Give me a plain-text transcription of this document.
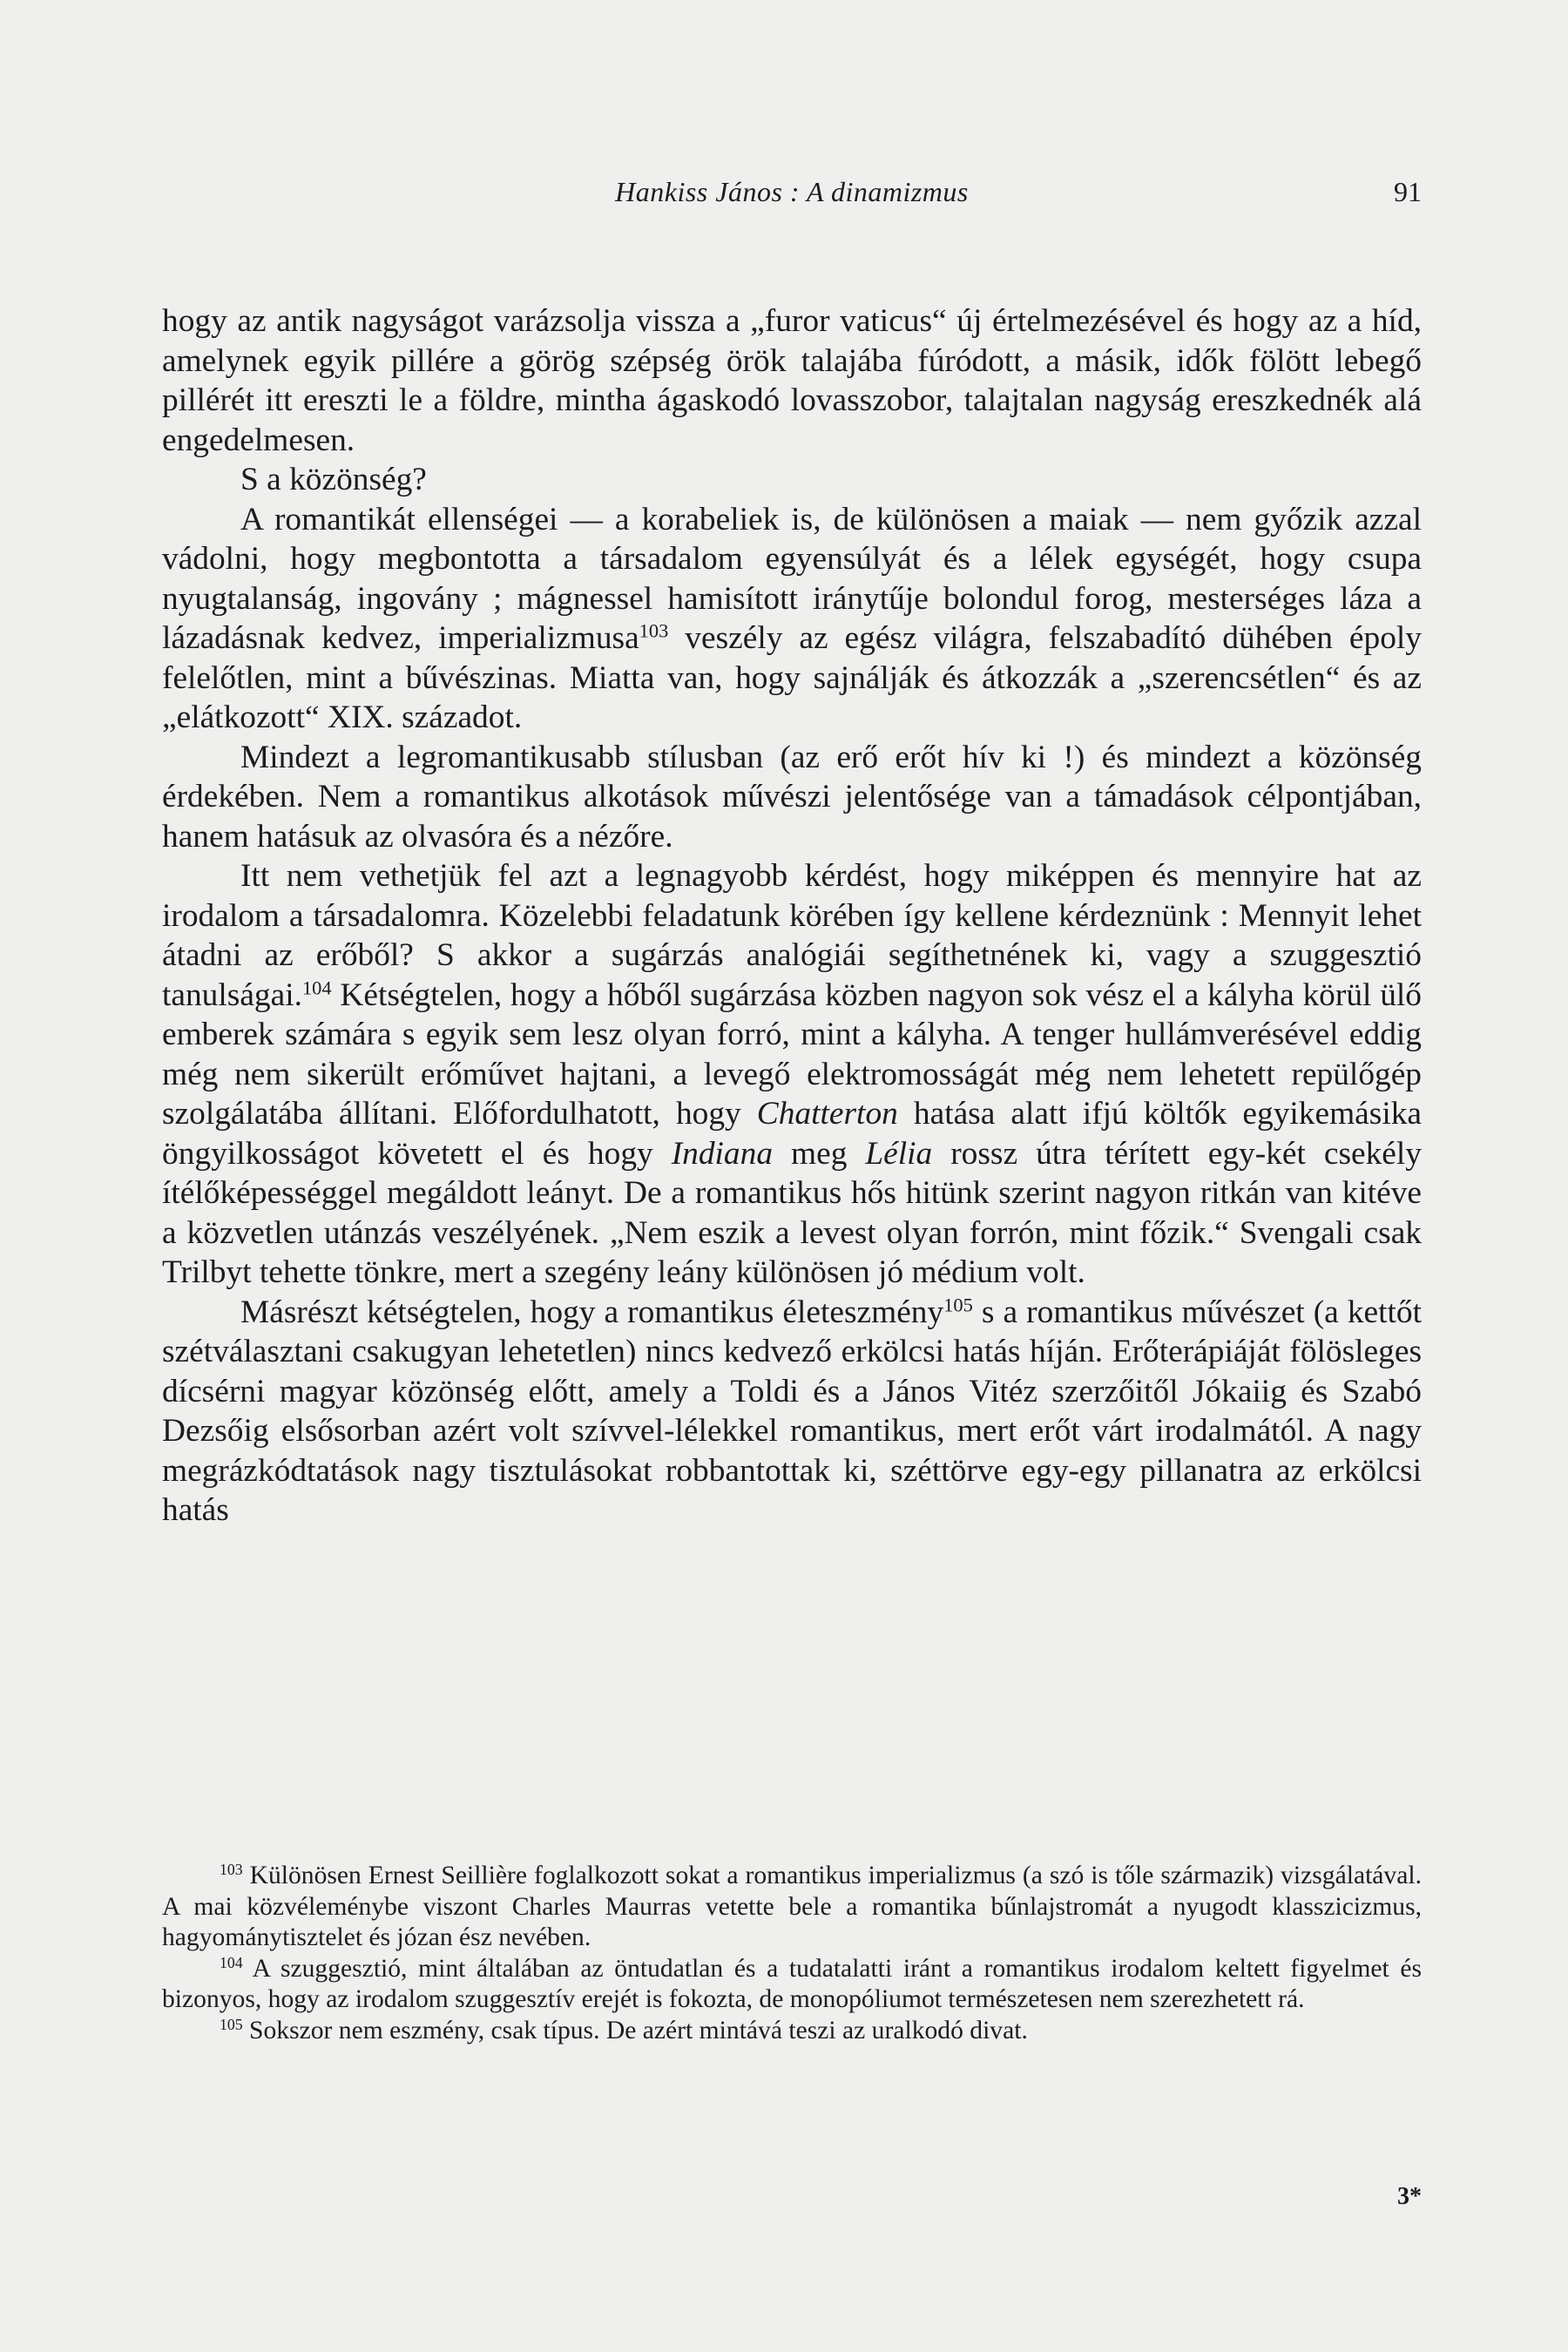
Hankiss János : A dinamizmus	91

hogy az antik nagyságot varázsolja vissza a „furor vaticus“ új értelmezésével és hogy az a híd, amelynek egyik pillére a görög szépség örök talajába fúródott, a másik, idők fölött lebegő pillérét itt ereszti le a földre, mintha ágaskodó lovasszobor, talajtalan nagyság ereszkednék alá engedelmesen.

S a közönség?

A romantikát ellenségei — a korabeliek is, de különösen a maiak — nem győzik azzal vádolni, hogy megbontotta a társadalom egyensúlyát és a lélek egységét, hogy csupa nyugtalanság, ingovány ; mágnessel hamisított iránytűje bolondul forog, mesterséges láza a lázadásnak kedvez, imperializmusa$^{103}$ veszély az egész világra, felszabadító dühében époly felelőtlen, mint a bűvészinas. Miatta van, hogy sajnálják és átkozzák a „szerencsétlen“ és az „elátkozott“ XIX. századot.

Mindezt a legromantikusabb stílusban (az erő erőt hív ki !) és mindezt a közönség érdekében. Nem a romantikus alkotások művészi jelentősége van a támadások célpontjában, hanem hatásuk az olvasóra és a nézőre.

Itt nem vethetjük fel azt a legnagyobb kérdést, hogy miképpen és mennyire hat az irodalom a társadalomra. Közelebbi feladatunk körében így kellene kérdeznünk : Mennyit lehet átadni az erőből? S akkor a sugárzás analógiái segíthetnének ki, vagy a szuggesztió tanulságai.$^{104}$ Kétségtelen, hogy a hőből sugárzása közben nagyon sok vész el a kályha körül ülő emberek számára s egyik sem lesz olyan forró, mint a kályha. A tenger hullámverésével eddig még nem sikerült erőművet hajtani, a levegő elektromosságát még nem lehetett repülőgép szolgálatába állítani. Előfordulhatott, hogy Chatterton hatása alatt ifjú költők egyikemásika öngyilkosságot követett el és hogy Indiana meg Lélia rossz útra térített egy-két csekély ítélőképességgel megáldott leányt. De a romantikus hős hitünk szerint nagyon ritkán van kitéve a közvetlen utánzás veszélyének. „Nem eszik a levest olyan forrón, mint főzik.“ Svengali csak Trilbyt tehette tönkre, mert a szegény leány különösen jó médium volt.

Másrészt kétségtelen, hogy a romantikus életeszmény$^{105}$ s a romantikus művészet (a kettőt szétválasztani csakugyan lehetetlen) nincs kedvező erkölcsi hatás híján. Erőterápiáját fölösleges dícsérni magyar közönség előtt, amely a Toldi és a János Vitéz szerzőitől Jókaiig és Szabó Dezsőig elsősorban azért volt szívvel-lélekkel romantikus, mert erőt várt irodalmától. A nagy megrázkódtatások nagy tisztulásokat robbantottak ki, széttörve egy-egy pillanatra az erkölcsi hatás

$^{103}$ Különösen Ernest Seillière foglalkozott sokat a romantikus imperializmus (a szó is tőle származik) vizsgálatával. A mai közvéleménybe viszont Charles Maurras vetette bele a romantika bűnlajstromát a nyugodt klasszicizmus, hagyománytisztelet és józan ész nevében.

$^{104}$ A szuggesztió, mint általában az öntudatlan és a tudatalatti iránt a romantikus irodalom keltett figyelmet és bizonyos, hogy az irodalom szuggesztív erejét is fokozta, de monopóliumot természetesen nem szerezhetett rá.

$^{105}$ Sokszor nem eszmény, csak típus. De azért mintává teszi az uralkodó divat.

3*
